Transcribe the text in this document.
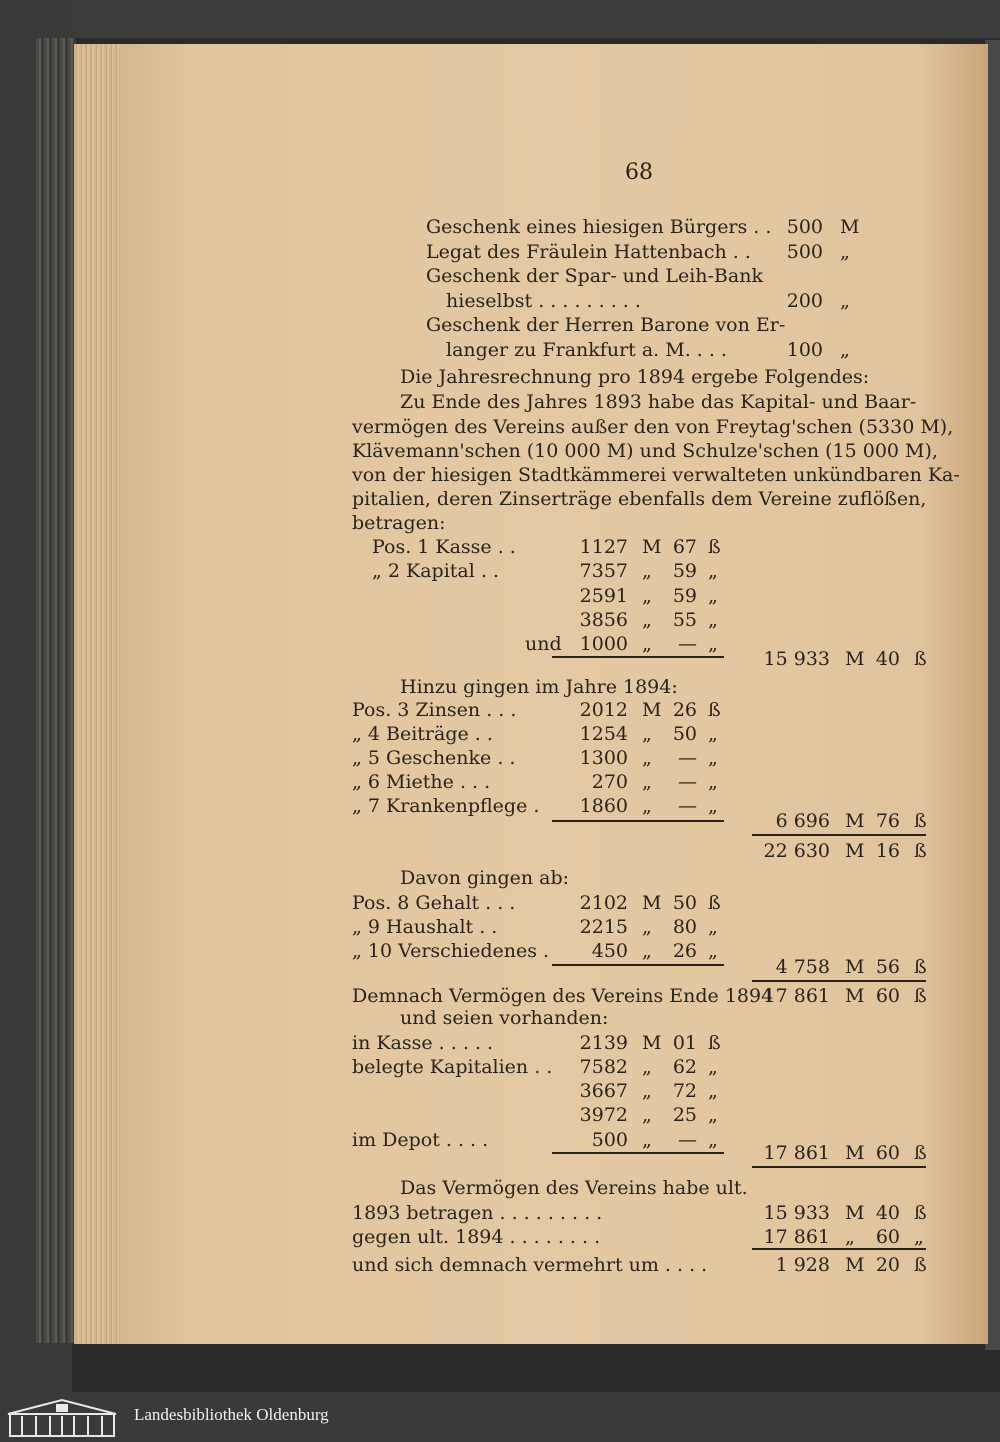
68
Geschenk eines hiesigen Bürgers . . 500 M
Legat des Fräulein Hattenbach . .	500 „
Geschenk der Spar- und Leih-Bank
hieselbst . . . . . . . . .	200 „
Geschenk der Herren Barone von Er-
langer zu Frankfurt a. M. . . .	100 „
Die Jahresrechnung pro 1894 ergebe Folgendes:
Zu Ende des Jahres 1893 habe das Kapital- und Baar-
vermögen des Vereins außer den von Freytag'schen (5330 M),
Klävemann'schen (10 000 M) und Schulze'schen (15 000 M),
von der hiesigen Stadtkämmerei verwalteten unkündbaren Ka-
pitalien, deren Zinserträge ebenfalls dem Vereine zuflößen,
betragen:
Pos. 1 Kasse . .	1127 M 67 ß
„ 2 Kapital . .	7357 „	59 „
2591 „	59 „
3856 „	55 „
und 1000 „	— „
15 933 M 40 ß
Hinzu gingen im Jahre 1894:
Pos. 3 Zinsen . . .	2012 M 26 ß
„ 4 Beiträge . .	1254 „	50 „
„ 5 Geschenke . .	1300 „	— „
„ 6 Miethe . . .	270 „	— „
„ 7 Krankenpflege .	1860 „	— „
6 696 M 76 ß
22 630 M 16 ß
Davon gingen ab:
Pos. 8 Gehalt . . .	2102 M 50 ß
„ 9 Haushalt . .	2215 „	80 „
„ 10 Verschiedenes .	450 „	26 „
4 758 M 56 ß
Demnach Vermögen des Vereins Ende 1894
17 861 M 60 ß
und seien vorhanden:
in Kasse . . . . .	2139 M 01 ß
belegte Kapitalien . .	7582 „	62 „
3667 „	72 „
3972 „	25 „
im Depot . . . .	500 „	— „
17 861 M 60 ß
Das Vermögen des Vereins habe ult.
1893 betragen . . . . . . . . .	15 933 M 40 ß
gegen ult. 1894 . . . . . . . .	17 861 „	60 „
und sich demnach vermehrt um . . . .	1 928 M 20 ß
Landesbibliothek Oldenburg
